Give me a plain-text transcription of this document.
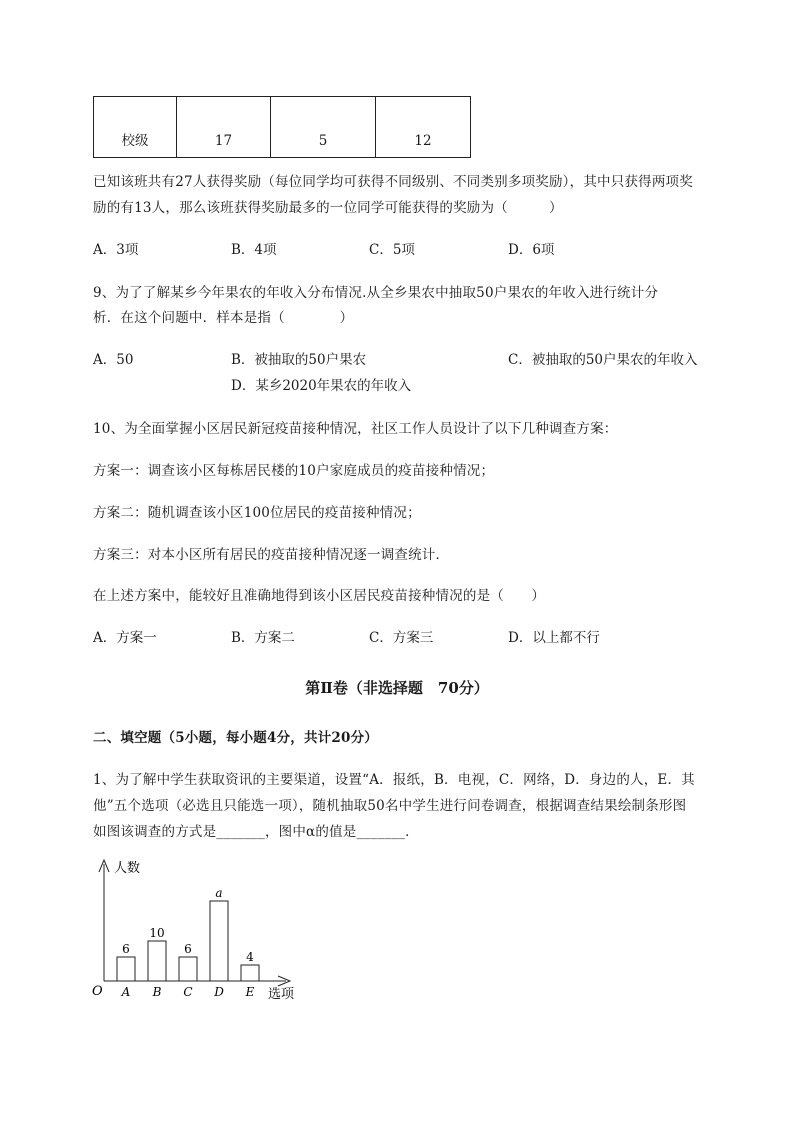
校级	17	5	12
已知该班共有27人获得奖励（每位同学均可获得不同级别、不同类别多项奖励），其中只获得两项奖
励的有13人，那么该班获得奖励最多的一位同学可能获得的奖励为（　　　）
A．3项	B．4项	C．5项	D．6项
9、为了了解某乡今年果农的年收入分布情况.从全乡果农中抽取50户果农的年收入进行统计分
析．在这个问题中．样本是指（　　　　）
A．50	B．被抽取的50户果农	C．被抽取的50户果农的年收入
D．某乡2020年果农的年收入
10、为全面掌握小区居民新冠疫苗接种情况，社区工作人员设计了以下几种调查方案：
方案一：调查该小区每栋居民楼的10户家庭成员的疫苗接种情况；
方案二：随机调查该小区100位居民的疫苗接种情况；
方案三：对本小区所有居民的疫苗接种情况逐一调查统计．
在上述方案中，能较好且准确地得到该小区居民疫苗接种情况的是（　　）
A．方案一	B．方案二	C．方案三	D．以上都不行
第Ⅱ卷（非选择题　70分）
二、填空题（5小题，每小题4分，共计20分）
1、为了解中学生获取资讯的主要渠道，设置“A．报纸，B．电视，C．网络，D．身边的人，E．其
他”五个选项（必选且只能选一项），随机抽取50名中学生进行问卷调查，根据调查结果绘制条形图
如图该调查的方式是_______，图中α的值是_______．
人数
选项
O
6
A
10
B
6
C
a
D
4
E
